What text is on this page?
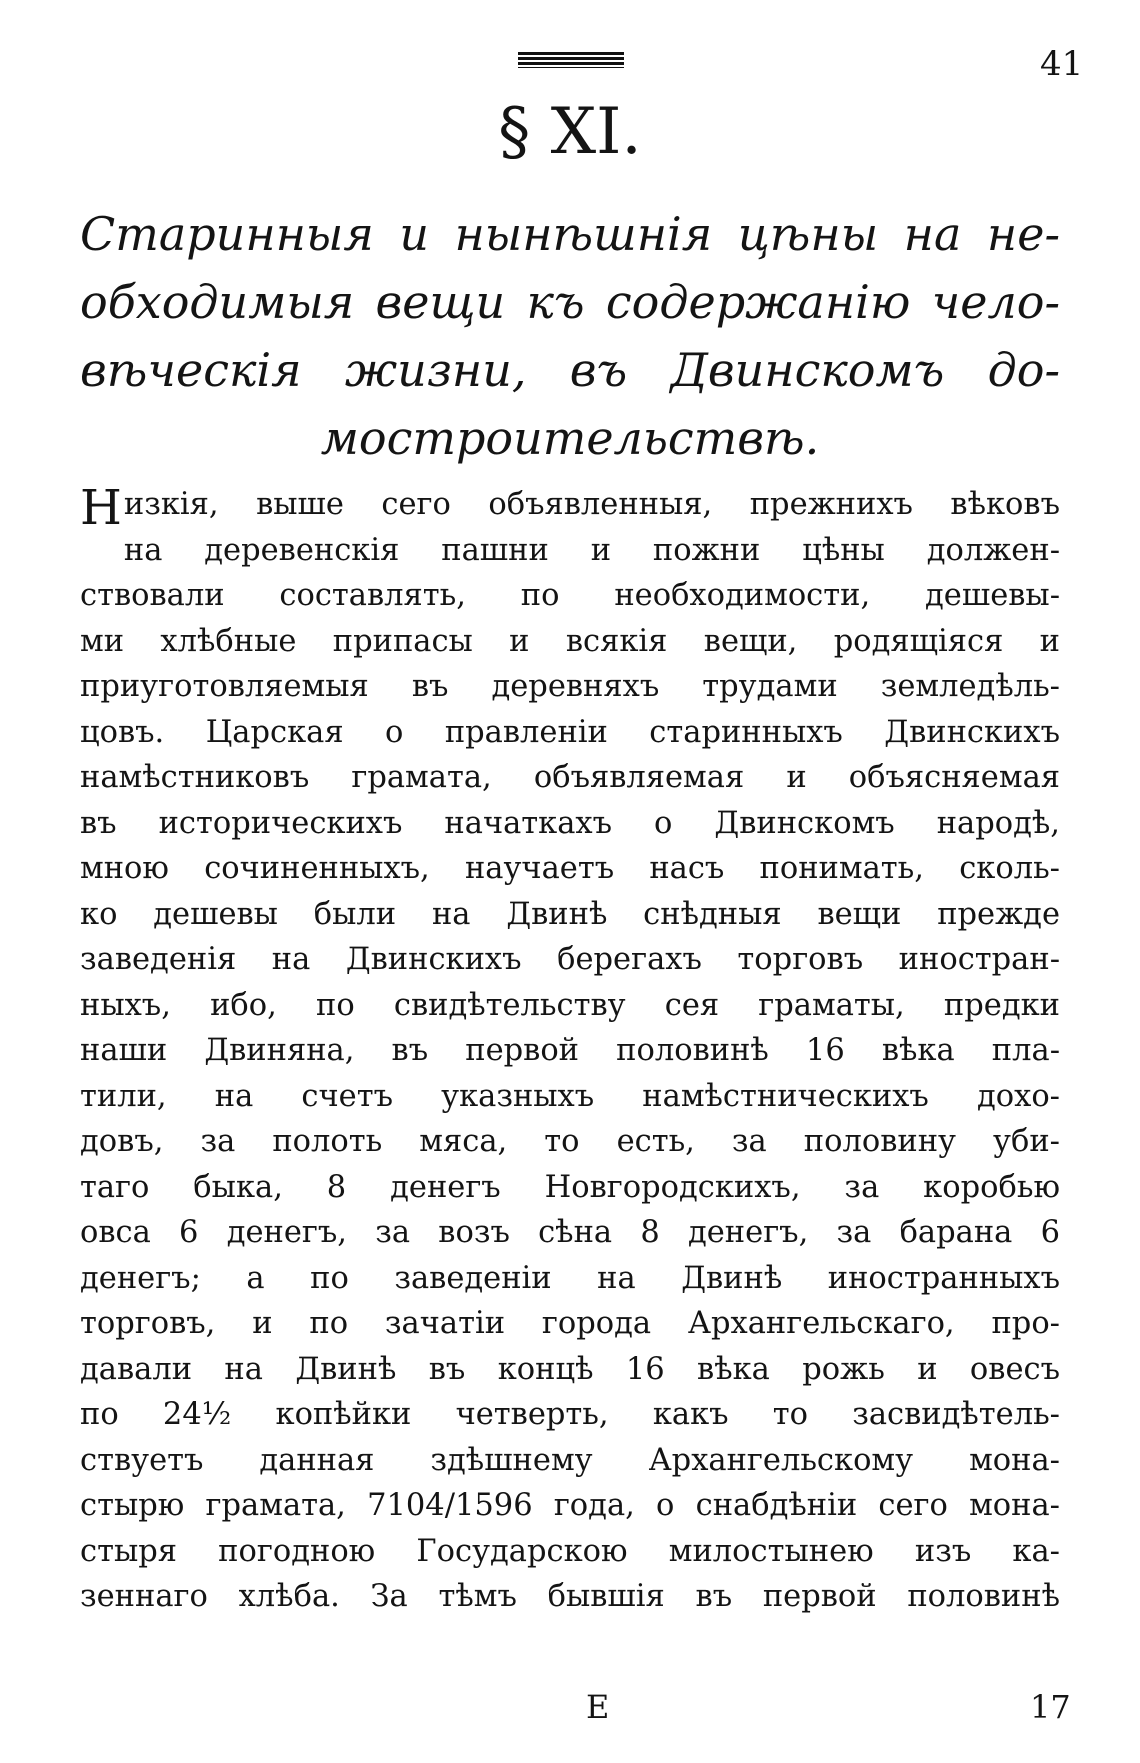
41
§ XI.
Старинныя и нынѣшнія цѣны на не-
обходимыя вещи къ содержанію чело-
вѣческія жизни, въ Двинскомъ до-
мостроительствѣ.
Н изкія, выше сего объявленныя, прежнихъ вѣковъ
на деревенскія пашни и пожни цѣны должен-
ствовали составлять, по необходимости, дешевы-
ми хлѣбные припасы и всякія вещи, родящіяся и
приуготовляемыя въ деревняхъ трудами земледѣль-
цовъ. Царская о правленіи старинныхъ Двинскихъ
намѣстниковъ грамата, объявляемая и объясняемая
въ историческихъ начаткахъ о Двинскомъ народѣ,
мною сочиненныхъ, научаетъ насъ понимать, сколь-
ко дешевы были на Двинѣ снѣдныя вещи прежде
заведенія на Двинскихъ берегахъ торговъ иностран-
ныхъ, ибо, по свидѣтельству сея граматы, предки
наши Двиняна, въ первой половинѣ 16 вѣка пла-
тили, на счетъ указныхъ намѣстническихъ дохо-
довъ, за полоть мяса, то есть, за половину уби-
таго быка, 8 денегъ Новгородскихъ, за коробью
овса 6 денегъ, за возъ сѣна 8 денегъ, за барана 6
денегъ; а по заведеніи на Двинѣ иностранныхъ
торговъ, и по зачатіи города Архангельскаго, про-
давали на Двинѣ въ концѣ 16 вѣка рожь и овесъ
по 24½ копѣйки четверть, какъ то засвидѣтель-
ствуетъ данная здѣшнему Архангельскому мона-
стырю грамата, 7104/1596 года, о снабдѣніи сего мона-
стыря погодною Государскою милостынею изъ ка-
зеннаго хлѣба. За тѣмъ бывшія въ первой половинѣ
Е	17
